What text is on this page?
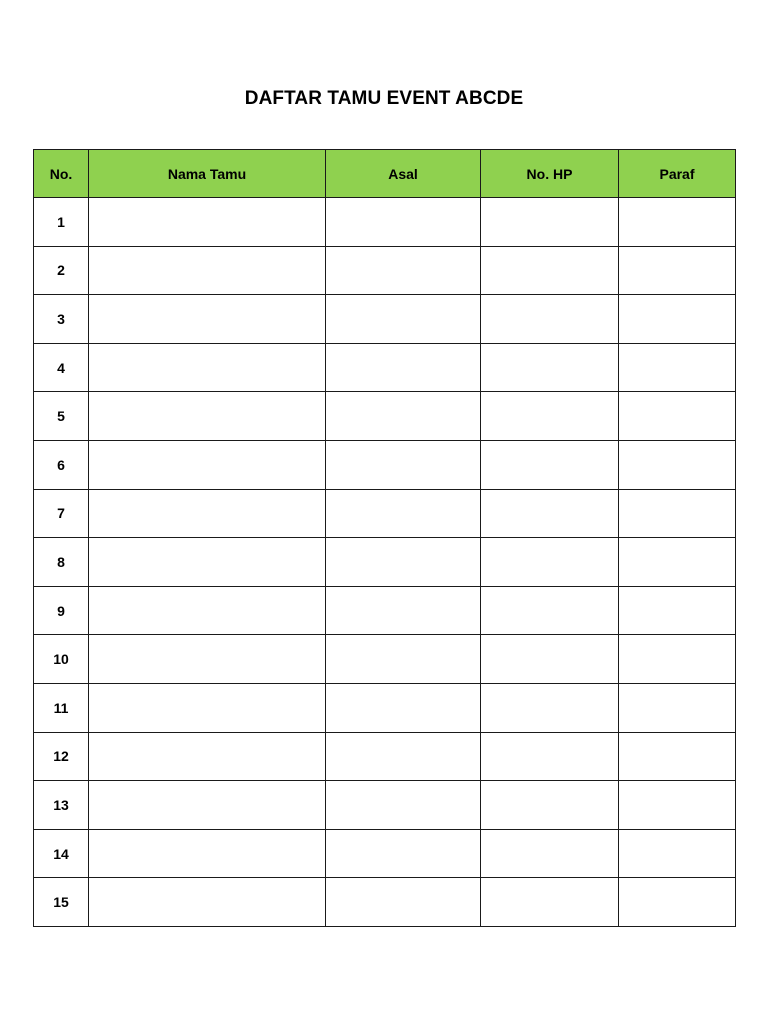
DAFTAR TAMU EVENT ABCDE
No.	Nama Tamu	Asal	No. HP	Paraf
1				
2				
3				
4				
5				
6				
7				
8				
9				
10				
11				
12				
13				
14				
15				
